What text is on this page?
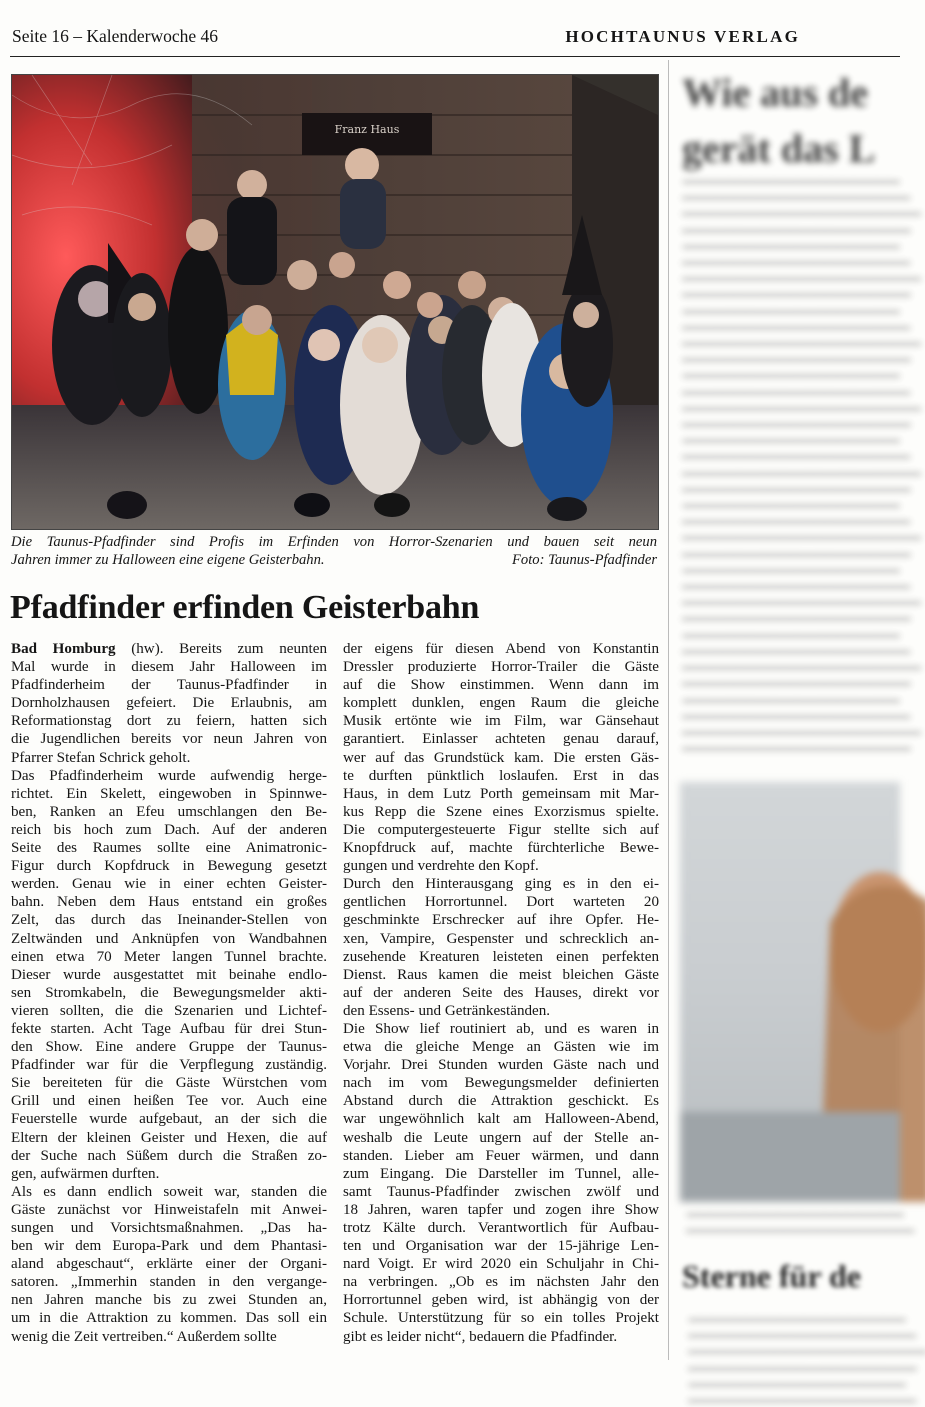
Seite 16 – Kalenderwoche 46	HOCHTAUNUS VERLAG
Franz Haus
Die Taunus-Pfadfinder sind Profis im Erfinden von Horror-Szenarien und bauen seit neun
Jahren immer zu Halloween eine eigene Geisterbahn.	Foto: Taunus-Pfadfinder
Pfadfinder erfinden Geisterbahn

Bad Homburg (hw). Bereits zum neunten

Mal wurde in diesem Jahr Halloween im

Pfadfinderheim der Taunus-Pfadfinder in

Dornholzhausen gefeiert. Die Erlaubnis, am

Reformationstag dort zu feiern, hatten sich

die Jugendlichen bereits vor neun Jahren von

Pfarrer Stefan Schrick geholt.

Das Pfadfinderheim wurde aufwendig herge-

richtet. Ein Skelett, eingewoben in Spinnwe-

ben, Ranken an Efeu umschlangen den Be-

reich bis hoch zum Dach. Auf der anderen

Seite des Raumes sollte eine Animatronic-

Figur durch Kopfdruck in Bewegung gesetzt

werden. Genau wie in einer echten Geister-

bahn. Neben dem Haus entstand ein großes

Zelt, das durch das Ineinander-Stellen von

Zeltwänden und Anknüpfen von Wandbahnen

einen etwa 70 Meter langen Tunnel brachte.

Dieser wurde ausgestattet mit beinahe endlo-

sen Stromkabeln, die Bewegungsmelder akti-

vieren sollten, die die Szenarien und Lichtef-

fekte starten. Acht Tage Aufbau für drei Stun-

den Show. Eine andere Gruppe der Taunus-

Pfadfinder war für die Verpflegung zuständig.

Sie bereiteten für die Gäste Würstchen vom

Grill und einen heißen Tee vor. Auch eine

Feuerstelle wurde aufgebaut, an der sich die

Eltern der kleinen Geister und Hexen, die auf

der Suche nach Süßem durch die Straßen zo-

gen, aufwärmen durften.

Als es dann endlich soweit war, standen die

Gäste zunächst vor Hinweistafeln mit Anwei-

sungen und Vorsichtsmaßnahmen. „Das ha-

ben wir dem Europa-Park und dem Phantasi-

aland abgeschaut“, erklärte einer der Organi-

satoren. „Immerhin standen in den vergange-

nen Jahren manche bis zu zwei Stunden an,

um in die Attraktion zu kommen. Das soll ein

wenig die Zeit vertreiben.“ Außerdem sollte

der eigens für diesen Abend von Konstantin

Dressler produzierte Horror-Trailer die Gäste

auf die Show einstimmen. Wenn dann im

komplett dunklen, engen Raum die gleiche

Musik ertönte wie im Film, war Gänsehaut

garantiert. Einlasser achteten genau darauf,

wer auf das Grundstück kam. Die ersten Gäs-

te durften pünktlich loslaufen. Erst in das

Haus, in dem Lutz Porth gemeinsam mit Mar-

kus Repp die Szene eines Exorzismus spielte.

Die computergesteuerte Figur stellte sich auf

Knopfdruck auf, machte fürchterliche Bewe-

gungen und verdrehte den Kopf.

Durch den Hinterausgang ging es in den ei-

gentlichen Horrortunnel. Dort warteten 20

geschminkte Erschrecker auf ihre Opfer. He-

xen, Vampire, Gespenster und schrecklich an-

zusehende Kreaturen leisteten einen perfekten

Dienst. Raus kamen die meist bleichen Gäste

auf der anderen Seite des Hauses, direkt vor

den Essens- und Getränkeständen.

Die Show lief routiniert ab, und es waren in

etwa die gleiche Menge an Gästen wie im

Vorjahr. Drei Stunden wurden Gäste nach und

nach im vom Bewegungsmelder definierten

Abstand durch die Attraktion geschickt. Es

war ungewöhnlich kalt am Halloween-Abend,

weshalb die Leute ungern auf der Stelle an-

standen. Lieber am Feuer wärmen, und dann

zum Eingang. Die Darsteller im Tunnel, alle-

samt Taunus-Pfadfinder zwischen zwölf und

18 Jahren, waren tapfer und zogen ihre Show

trotz Kälte durch. Verantwortlich für Aufbau-

ten und Organisation war der 15-jährige Len-

nard Voigt. Er wird 2020 ein Schuljahr in Chi-

na verbringen. „Ob es im nächsten Jahr den

Horrortunnel geben wird, ist abhängig von der

Schule. Unterstützung für so ein tolles Projekt

gibt es leider nicht“, bedauern die Pfadfinder.

Wie aus de
gerät das L
 ▬▬▬ ▬▬▬▬ ▬▬ ▬▬ ▬▬▬▬▬ ▬▬▬
▬▬ ▬▬▬▬▬ ▬▬▬ ▬▬▬▬ ▬▬ ▬▬▬▬
▬▬▬▬ ▬▬ ▬▬▬▬ ▬▬▬ ▬▬▬ ▬▬▬▬▬
▬▬▬ ▬▬▬ ▬▬▬▬▬  ▬▬▬ ▬▬▬▬ ▬▬
 ▬▬▬ ▬▬▬▬ ▬▬ ▬▬ ▬▬▬▬▬ ▬▬▬
▬▬ ▬▬▬▬▬ ▬▬▬ ▬▬▬▬ ▬▬ ▬▬▬▬
▬▬▬▬ ▬▬ ▬▬▬▬ ▬▬▬ ▬▬▬ ▬▬▬▬▬
▬▬▬ ▬▬▬ ▬▬▬▬▬  ▬▬▬ ▬▬▬▬ ▬▬
 ▬▬▬ ▬▬▬▬ ▬▬ ▬▬ ▬▬▬▬▬ ▬▬▬
▬▬ ▬▬▬▬▬ ▬▬▬ ▬▬▬▬ ▬▬ ▬▬▬▬
▬▬▬▬ ▬▬ ▬▬▬▬ ▬▬▬ ▬▬▬ ▬▬▬▬▬
▬▬▬ ▬▬▬ ▬▬▬▬▬  ▬▬▬ ▬▬▬▬ ▬▬
 ▬▬▬ ▬▬▬▬ ▬▬ ▬▬ ▬▬▬▬▬ ▬▬▬
▬▬ ▬▬▬▬▬ ▬▬▬ ▬▬▬▬ ▬▬ ▬▬▬▬
▬▬▬▬ ▬▬ ▬▬▬▬ ▬▬▬ ▬▬▬ ▬▬▬▬▬
▬▬▬ ▬▬▬ ▬▬▬▬▬  ▬▬▬ ▬▬▬▬ ▬▬
 ▬▬▬ ▬▬▬▬ ▬▬ ▬▬ ▬▬▬▬▬ ▬▬▬
▬▬ ▬▬▬▬▬ ▬▬▬ ▬▬▬▬ ▬▬ ▬▬▬▬
▬▬▬▬ ▬▬ ▬▬▬▬ ▬▬▬ ▬▬▬ ▬▬▬▬▬
▬▬▬ ▬▬▬ ▬▬▬▬▬  ▬▬▬ ▬▬▬▬ ▬▬
 ▬▬▬ ▬▬▬▬ ▬▬ ▬▬ ▬▬▬▬▬ ▬▬▬
▬▬ ▬▬▬▬▬ ▬▬▬ ▬▬▬▬ ▬▬ ▬▬▬▬
▬▬▬▬ ▬▬ ▬▬▬▬ ▬▬▬ ▬▬▬ ▬▬▬▬▬
▬▬▬ ▬▬▬ ▬▬▬▬▬  ▬▬▬ ▬▬▬▬ ▬▬
 ▬▬▬ ▬▬▬▬ ▬▬ ▬▬ ▬▬▬▬▬ ▬▬▬
▬▬ ▬▬▬▬▬ ▬▬▬ ▬▬▬▬ ▬▬ ▬▬▬▬
▬▬▬▬ ▬▬ ▬▬▬▬ ▬▬▬ ▬▬▬ ▬▬▬▬▬
▬▬▬ ▬▬▬ ▬▬▬▬▬  ▬▬▬ ▬▬▬▬ ▬▬
 ▬▬▬ ▬▬▬▬ ▬▬ ▬▬ ▬▬▬▬▬ ▬▬▬
▬▬ ▬▬▬▬▬ ▬▬▬ ▬▬▬▬ ▬▬ ▬▬▬▬
▬▬▬▬ ▬▬ ▬▬▬▬ ▬▬▬ ▬▬▬ ▬▬▬▬▬
▬▬▬ ▬▬▬ ▬▬▬▬▬  ▬▬▬ ▬▬▬▬ ▬▬
 ▬▬▬ ▬▬▬▬ ▬▬ ▬▬ ▬▬▬▬▬ ▬▬▬
▬▬ ▬▬▬▬▬ ▬▬▬ ▬▬▬▬ ▬▬ ▬▬▬▬
▬▬▬▬ ▬▬ ▬▬▬▬ ▬▬▬ ▬▬▬ ▬▬▬▬▬
▬▬▬ ▬▬▬ ▬▬▬▬▬  ▬▬▬ ▬▬▬▬ ▬▬
 ▬▬▬ ▬▬▬▬ ▬▬ ▬▬ ▬▬▬▬▬ ▬▬▬
▬▬ ▬▬▬▬▬ ▬▬▬ ▬▬▬▬ ▬▬ ▬▬▬▬
Sterne für de
 ▬▬▬ ▬▬▬▬ ▬▬ ▬▬ ▬▬▬▬▬ ▬▬▬
▬▬ ▬▬▬▬▬ ▬▬▬ ▬▬▬▬ ▬▬ ▬▬▬▬
▬▬▬▬ ▬▬ ▬▬▬▬ ▬▬▬ ▬▬▬ ▬▬▬▬▬
▬▬▬ ▬▬▬ ▬▬▬▬▬  ▬▬▬ ▬▬▬▬ ▬▬
 ▬▬▬ ▬▬▬▬ ▬▬ ▬▬ ▬▬▬▬▬ ▬▬▬
▬▬ ▬▬▬▬▬ ▬▬▬ ▬▬▬▬ ▬▬ ▬▬▬▬
